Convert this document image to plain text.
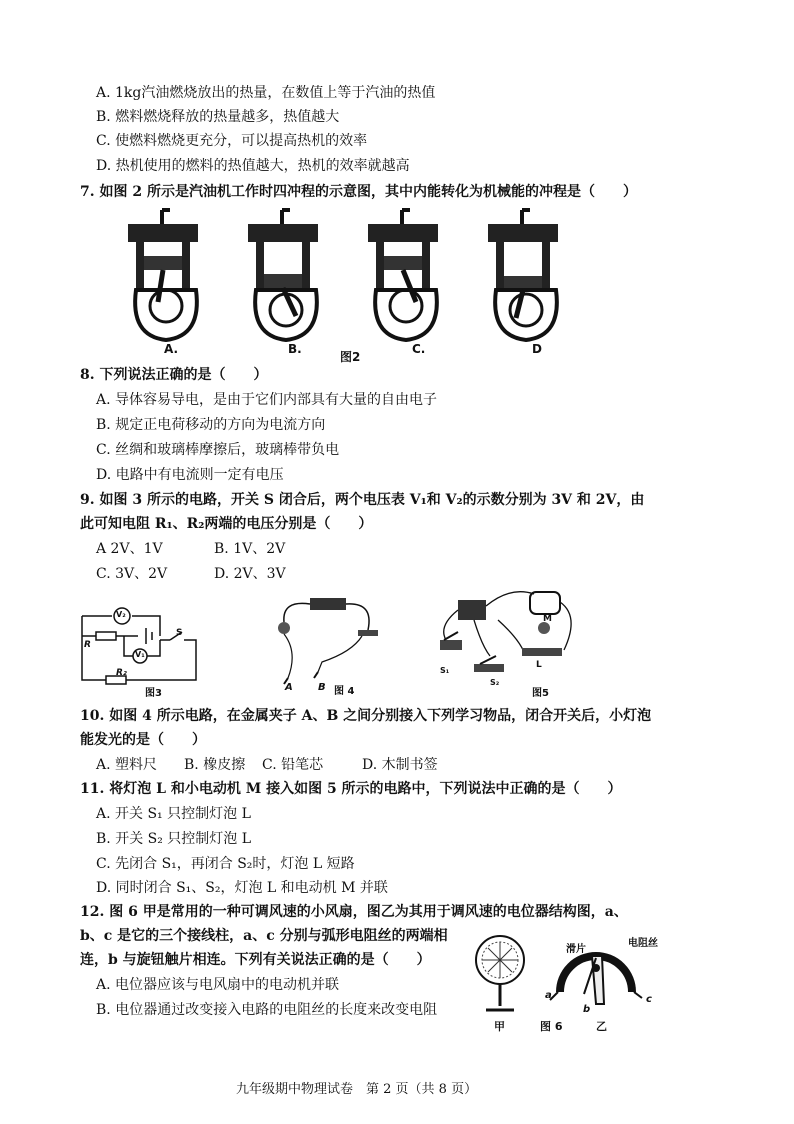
A. 1kg汽油燃烧放出的热量，在数值上等于汽油的热值
B. 燃料燃烧释放的热量越多，热值越大
C. 使燃料燃烧更充分，可以提高热机的效率
D. 热机使用的燃料的热值越大，热机的效率就越高
7. 如图 2 所示是汽油机工作时四冲程的示意图，其中内能转化为机械能的冲程是（　　）
A.	B.
图2
C.	D
8. 下列说法正确的是（　　）
A. 导体容易导电，是由于它们内部具有大量的自由电子
B. 规定正电荷移动的方向为电流方向
C. 丝绸和玻璃棒摩擦后，玻璃棒带负电
D. 电路中有电流则一定有电压
9. 如图 3 所示的电路，开关 S 闭合后，两个电压表 V₁和 V₂的示数分别为 3V 和 2V，由
此可知电阻 R₁、R₂两端的电压分别是（　　）
A 2V、1V	B. 1V、2V
C. 3V、2V	D. 2V、3V
V₂
V₁
R
S
R₂
图3
A	B 图 4
M
L
S₁
S₂
图5
10. 如图 4 所示电路，在金属夹子 A、B 之间分别接入下列学习物品，闭合开关后，小灯泡
能发光的是（　　）
A. 塑料尺 B. 橡皮擦 C. 铅笔芯	D. 木制书签
11. 将灯泡 L 和小电动机 M 接入如图 5 所示的电路中，下列说法中正确的是（　　）
A. 开关 S₁ 只控制灯泡 L
B. 开关 S₂ 只控制灯泡 L
C. 先闭合 S₁，再闭合 S₂时，灯泡 L 短路
D. 同时闭合 S₁、S₂，灯泡 L 和电动机 M 并联
12. 图 6 甲是常用的一种可调风速的小风扇，图乙为其用于调风速的电位器结构图，a、
b、c 是它的三个接线柱，a、c 分别与弧形电阻丝的两端相
连，b 与旋钮触片相连。下列有关说法正确的是（　　）
A. 电位器应该与电风扇中的电动机并联
B. 电位器通过改变接入电路的电阻丝的长度来改变电阻
滑片
电阻丝
a
b
c
甲	图 6	乙
九年级期中物理试卷　第 2 页（共 8 页）
